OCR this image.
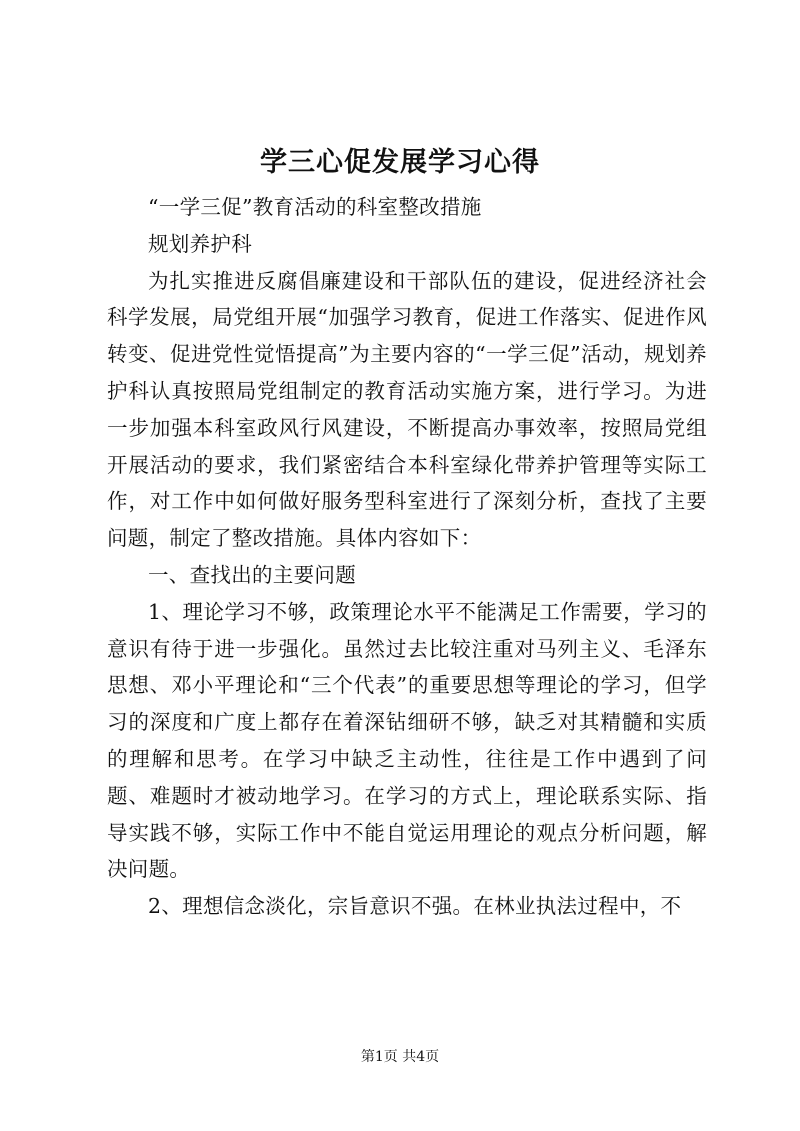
学三心促发展学习心得

“一学三促”教育活动的科室整改措施

规划养护科

为扎实推进反腐倡廉建设和干部队伍的建设，促进经济社会科学发展，局党组开展“加强学习教育，促进工作落实、促进作风转变、促进党性觉悟提高”为主要内容的“一学三促”活动，规划养护科认真按照局党组制定的教育活动实施方案，进行学习。为进一步加强本科室政风行风建设，不断提高办事效率，按照局党组开展活动的要求，我们紧密结合本科室绿化带养护管理等实际工作，对工作中如何做好服务型科室进行了深刻分析，查找了主要问题，制定了整改措施。具体内容如下：

一、查找出的主要问题

1、理论学习不够，政策理论水平不能满足工作需要，学习的意识有待于进一步强化。虽然过去比较注重对马列主义、毛泽东思想、邓小平理论和“三个代表”的重要思想等理论的学习，但学习的深度和广度上都存在着深钻细研不够，缺乏对其精髓和实质的理解和思考。在学习中缺乏主动性，往往是工作中遇到了问题、难题时才被动地学习。在学习的方式上，理论联系实际、指导实践不够，实际工作中不能自觉运用理论的观点分析问题，解决问题。

2、理想信念淡化，宗旨意识不强。在林业执法过程中，不

第1页 共4页
